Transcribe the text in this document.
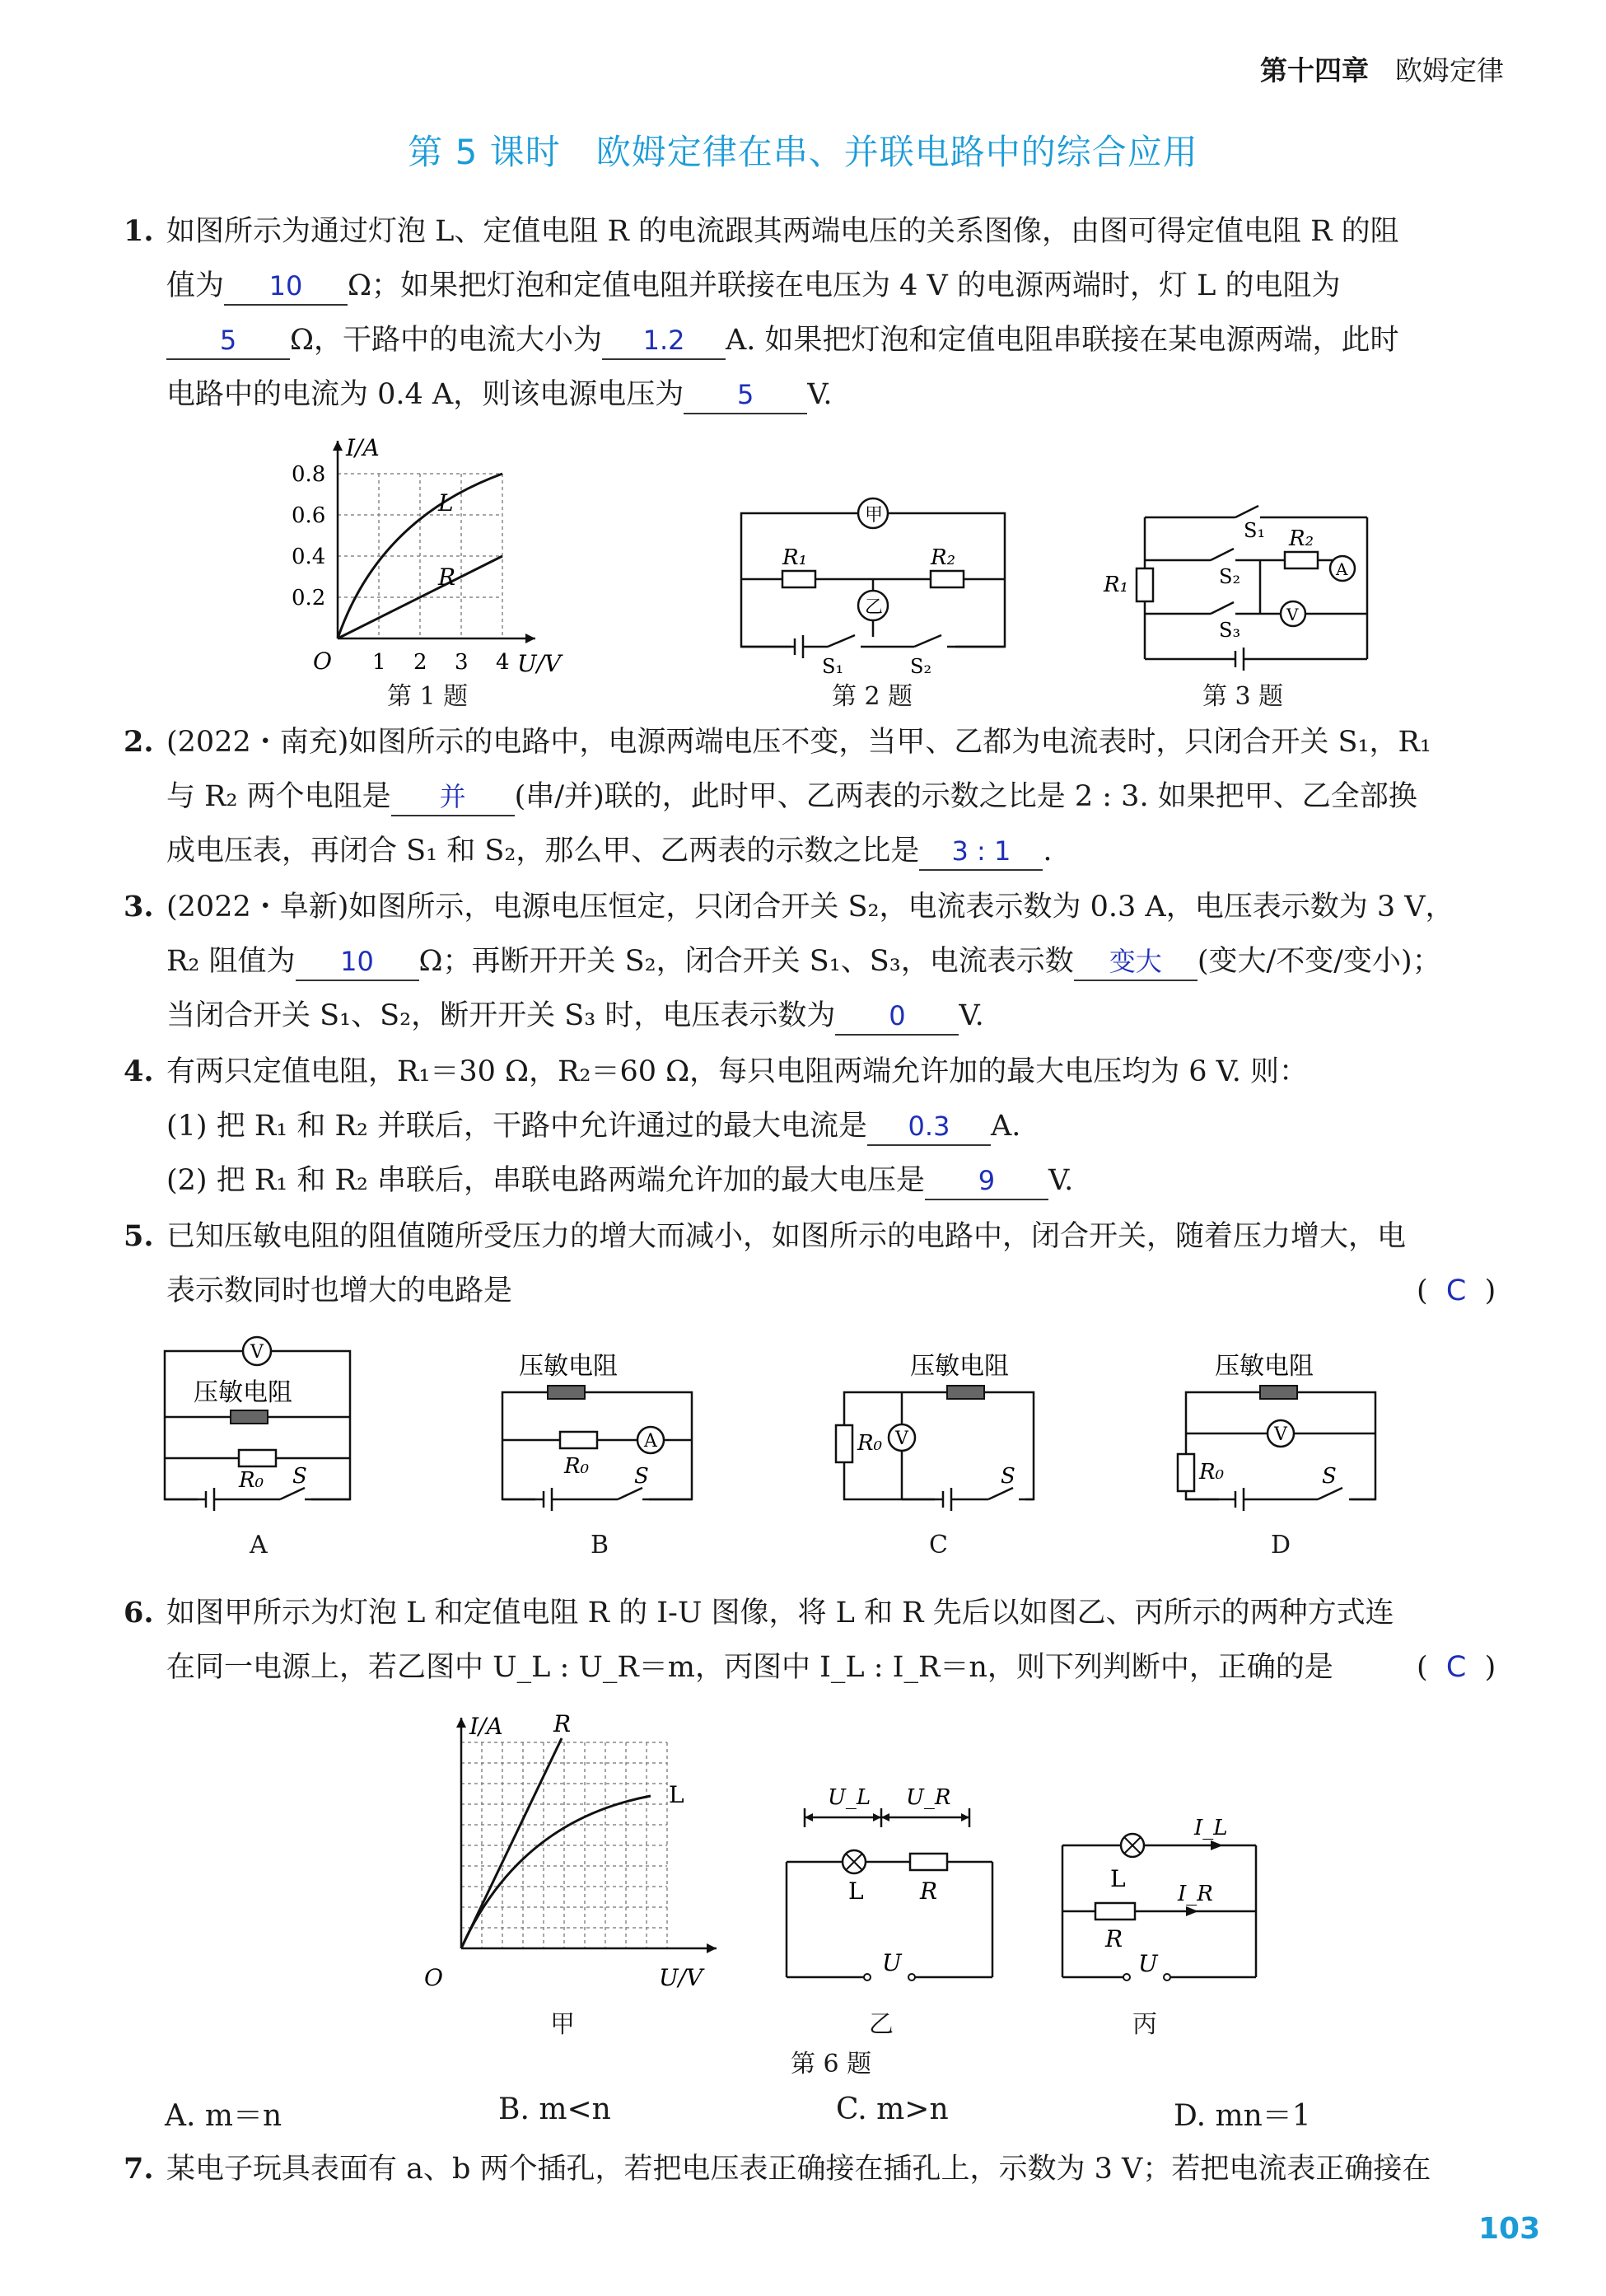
第十四章 欧姆定律
第 5 课时　欧姆定律在串、并联电路中的综合应用
1. 如图所示为通过灯泡 L、定值电阻 R 的电流跟其两端电压的关系图像，由图可得定值电阻 R 的阻
值为 10 Ω；如果把灯泡和定值电阻并联接在电压为 4 V 的电源两端时，灯 L 的电阻为
5 Ω，干路中的电流大小为 1.2 A. 如果把灯泡和定值电阻串联接在某电源两端，此时
电路中的电流为 0.4 A，则该电源电压为 5 V.
I/A
U/V
O
0.8
0.6
0.4
0.2
1 2 3 4
L
R
第 1 题
甲
乙
R₁	R₂
S₁	S₂
第 2 题
A
V
R₁
R₂
S₁
S₂
S₃
第 3 题
2. (2022・南充)如图所示的电路中，电源两端电压不变，当甲、乙都为电流表时，只闭合开关 S₁，R₁
与 R₂ 两个电阻是 并 (串/并)联的，此时甲、乙两表的示数之比是 2 : 3. 如果把甲、乙全部换
成电压表，再闭合 S₁ 和 S₂，那么甲、乙两表的示数之比是 3 : 1 .
3. (2022・阜新)如图所示，电源电压恒定，只闭合开关 S₂，电流表示数为 0.3 A，电压表示数为 3 V，
R₂ 阻值为 10 Ω；再断开开关 S₂，闭合开关 S₁、S₃，电流表示数 变大 (变大/不变/变小)；
当闭合开关 S₁、S₂，断开开关 S₃ 时，电压表示数为 0 V.
4. 有两只定值电阻，R₁＝30 Ω，R₂＝60 Ω，每只电阻两端允许加的最大电压均为 6 V. 则：
(1) 把 R₁ 和 R₂ 并联后，干路中允许通过的最大电流是 0.3 A.
(2) 把 R₁ 和 R₂ 串联后，串联电路两端允许加的最大电压是 9 V.
5. 已知压敏电阻的阻值随所受压力的增大而减小，如图所示的电路中，闭合开关，随着压力增大，电
表示数同时也增大的电路是	(  C  )
V
压敏电阻
R₀ S
A
A
压敏电阻
R₀ S
B
V
压敏电阻
R₀
S
C
V
压敏电阻
R₀	S
D
6. 如图甲所示为灯泡 L 和定值电阻 R 的 I-U 图像，将 L 和 R 先后以如图乙、丙所示的两种方式连
在同一电源上，若乙图中 U_L : U_R＝m，丙图中 I_L : I_R＝n，则下列判断中，正确的是	(  C  )
I/A
U/V
O
R
L
甲
U_L U_R
L R
U
乙
I_L
I_R
L
R
U
丙
第 6 题
A. m＝n	B. m<n	C. m>n	D. mn＝1
7. 某电子玩具表面有 a、b 两个插孔，若把电压表正确接在插孔上，示数为 3 V；若把电流表正确接在
103
